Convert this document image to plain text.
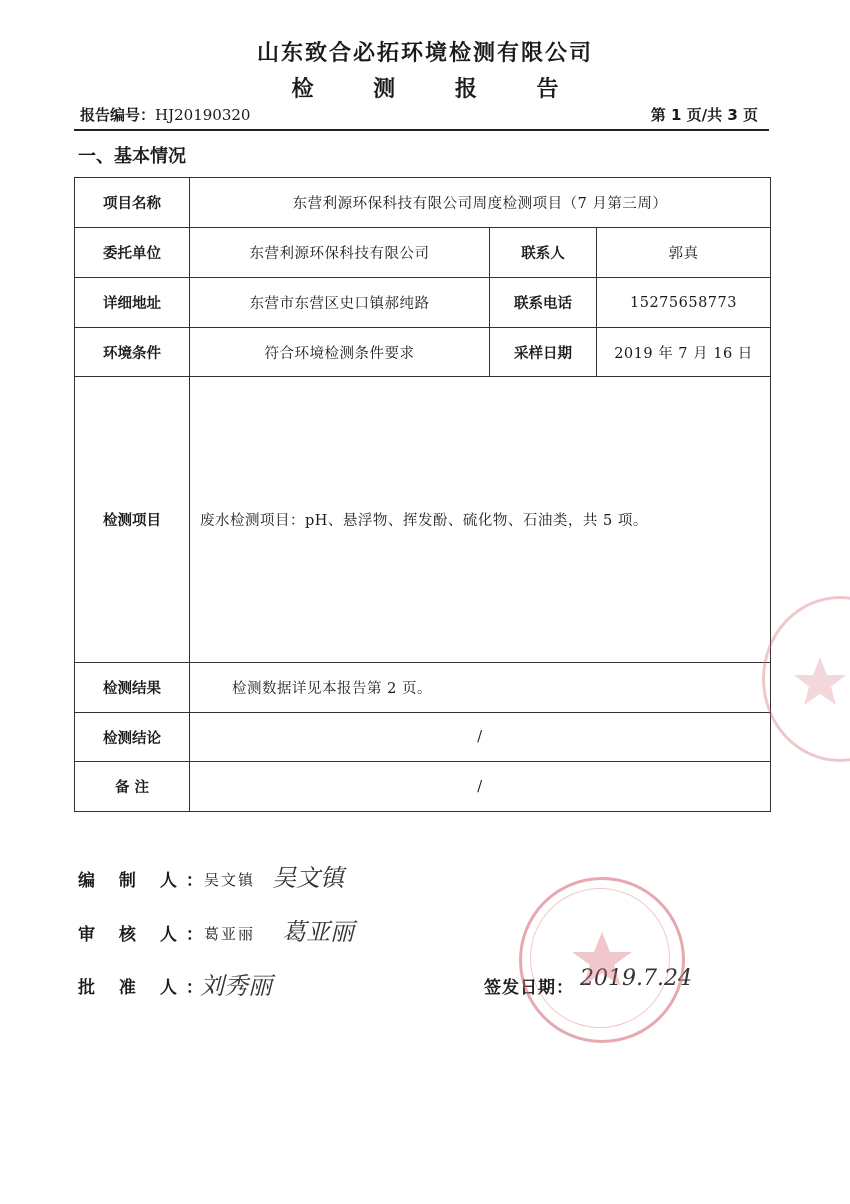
山东致合必拓环境检测有限公司
检 测 报 告
报告编号：HJ20190320	第 1 页/共 3 页
一、基本情况
项目名称	东营利源环保科技有限公司周度检测项目（7 月第三周）		
委托单位	东营利源环保科技有限公司	联系人	郭真
详细地址	东营市东营区史口镇郝纯路	联系电话	15275658773
环境条件	符合环境检测条件要求	采样日期	2019 年 7 月 16 日
检测项目	废水检测项目：pH、悬浮物、挥发酚、硫化物、石油类，共 5 项。		
检测结果	检测数据详见本报告第 2 页。		
检测结论	/		
备 注	/		
编 制 人：
吴文镇 吴文镇
审 核 人：
葛亚丽 葛亚丽
批 准 人：
刘秀丽	签发日期： 2019.7.24
